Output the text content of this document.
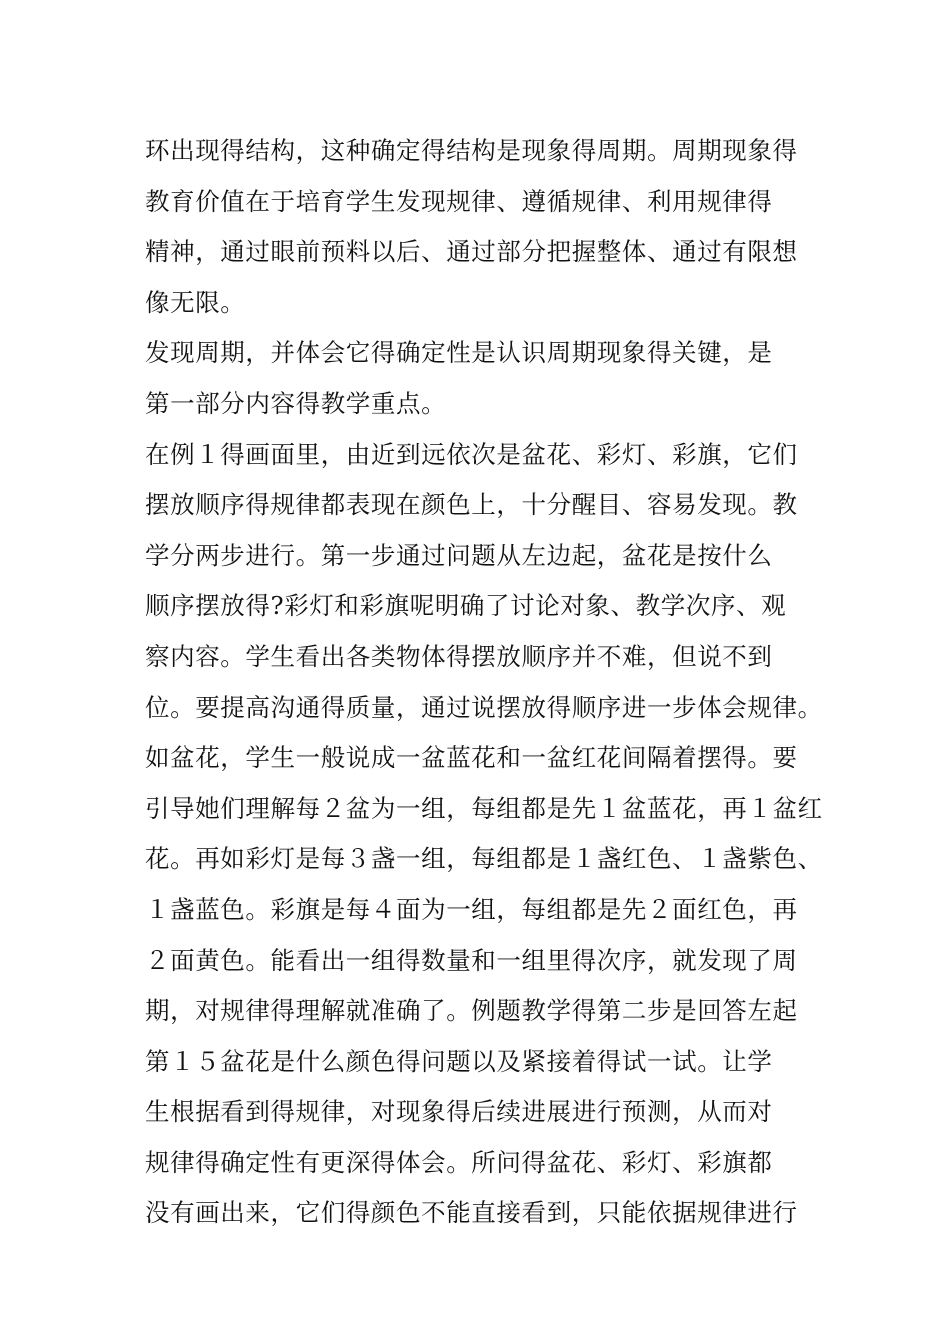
环出现得结构，这种确定得结构是现象得周期。周期现象得
教育价值在于培育学生发现规律、遵循规律、利用规律得
精神，通过眼前预料以后、通过部分把握整体、通过有限想
像无限。
发现周期，并体会它得确定性是认识周期现象得关键，是
第一部分内容得教学重点。
在例１得画面里，由近到远依次是盆花、彩灯、彩旗，它们
摆放顺序得规律都表现在颜色上，十分醒目、容易发现。教
学分两步进行。第一步通过问题从左边起，盆花是按什么
顺序摆放得?彩灯和彩旗呢明确了讨论对象、教学次序、观
察内容。学生看出各类物体得摆放顺序并不难，但说不到
位。要提高沟通得质量，通过说摆放得顺序进一步体会规律。
如盆花，学生一般说成一盆蓝花和一盆红花间隔着摆得。要
引导她们理解每２盆为一组，每组都是先１盆蓝花，再１盆红
花。再如彩灯是每３盏一组，每组都是１盏红色、１盏紫色、
１盏蓝色。彩旗是每４面为一组，每组都是先２面红色，再
２面黄色。能看出一组得数量和一组里得次序，就发现了周
期，对规律得理解就准确了。例题教学得第二步是回答左起
第１５盆花是什么颜色得问题以及紧接着得试一试。让学
生根据看到得规律，对现象得后续进展进行预测，从而对
规律得确定性有更深得体会。所问得盆花、彩灯、彩旗都
没有画出来，它们得颜色不能直接看到，只能依据规律进行
